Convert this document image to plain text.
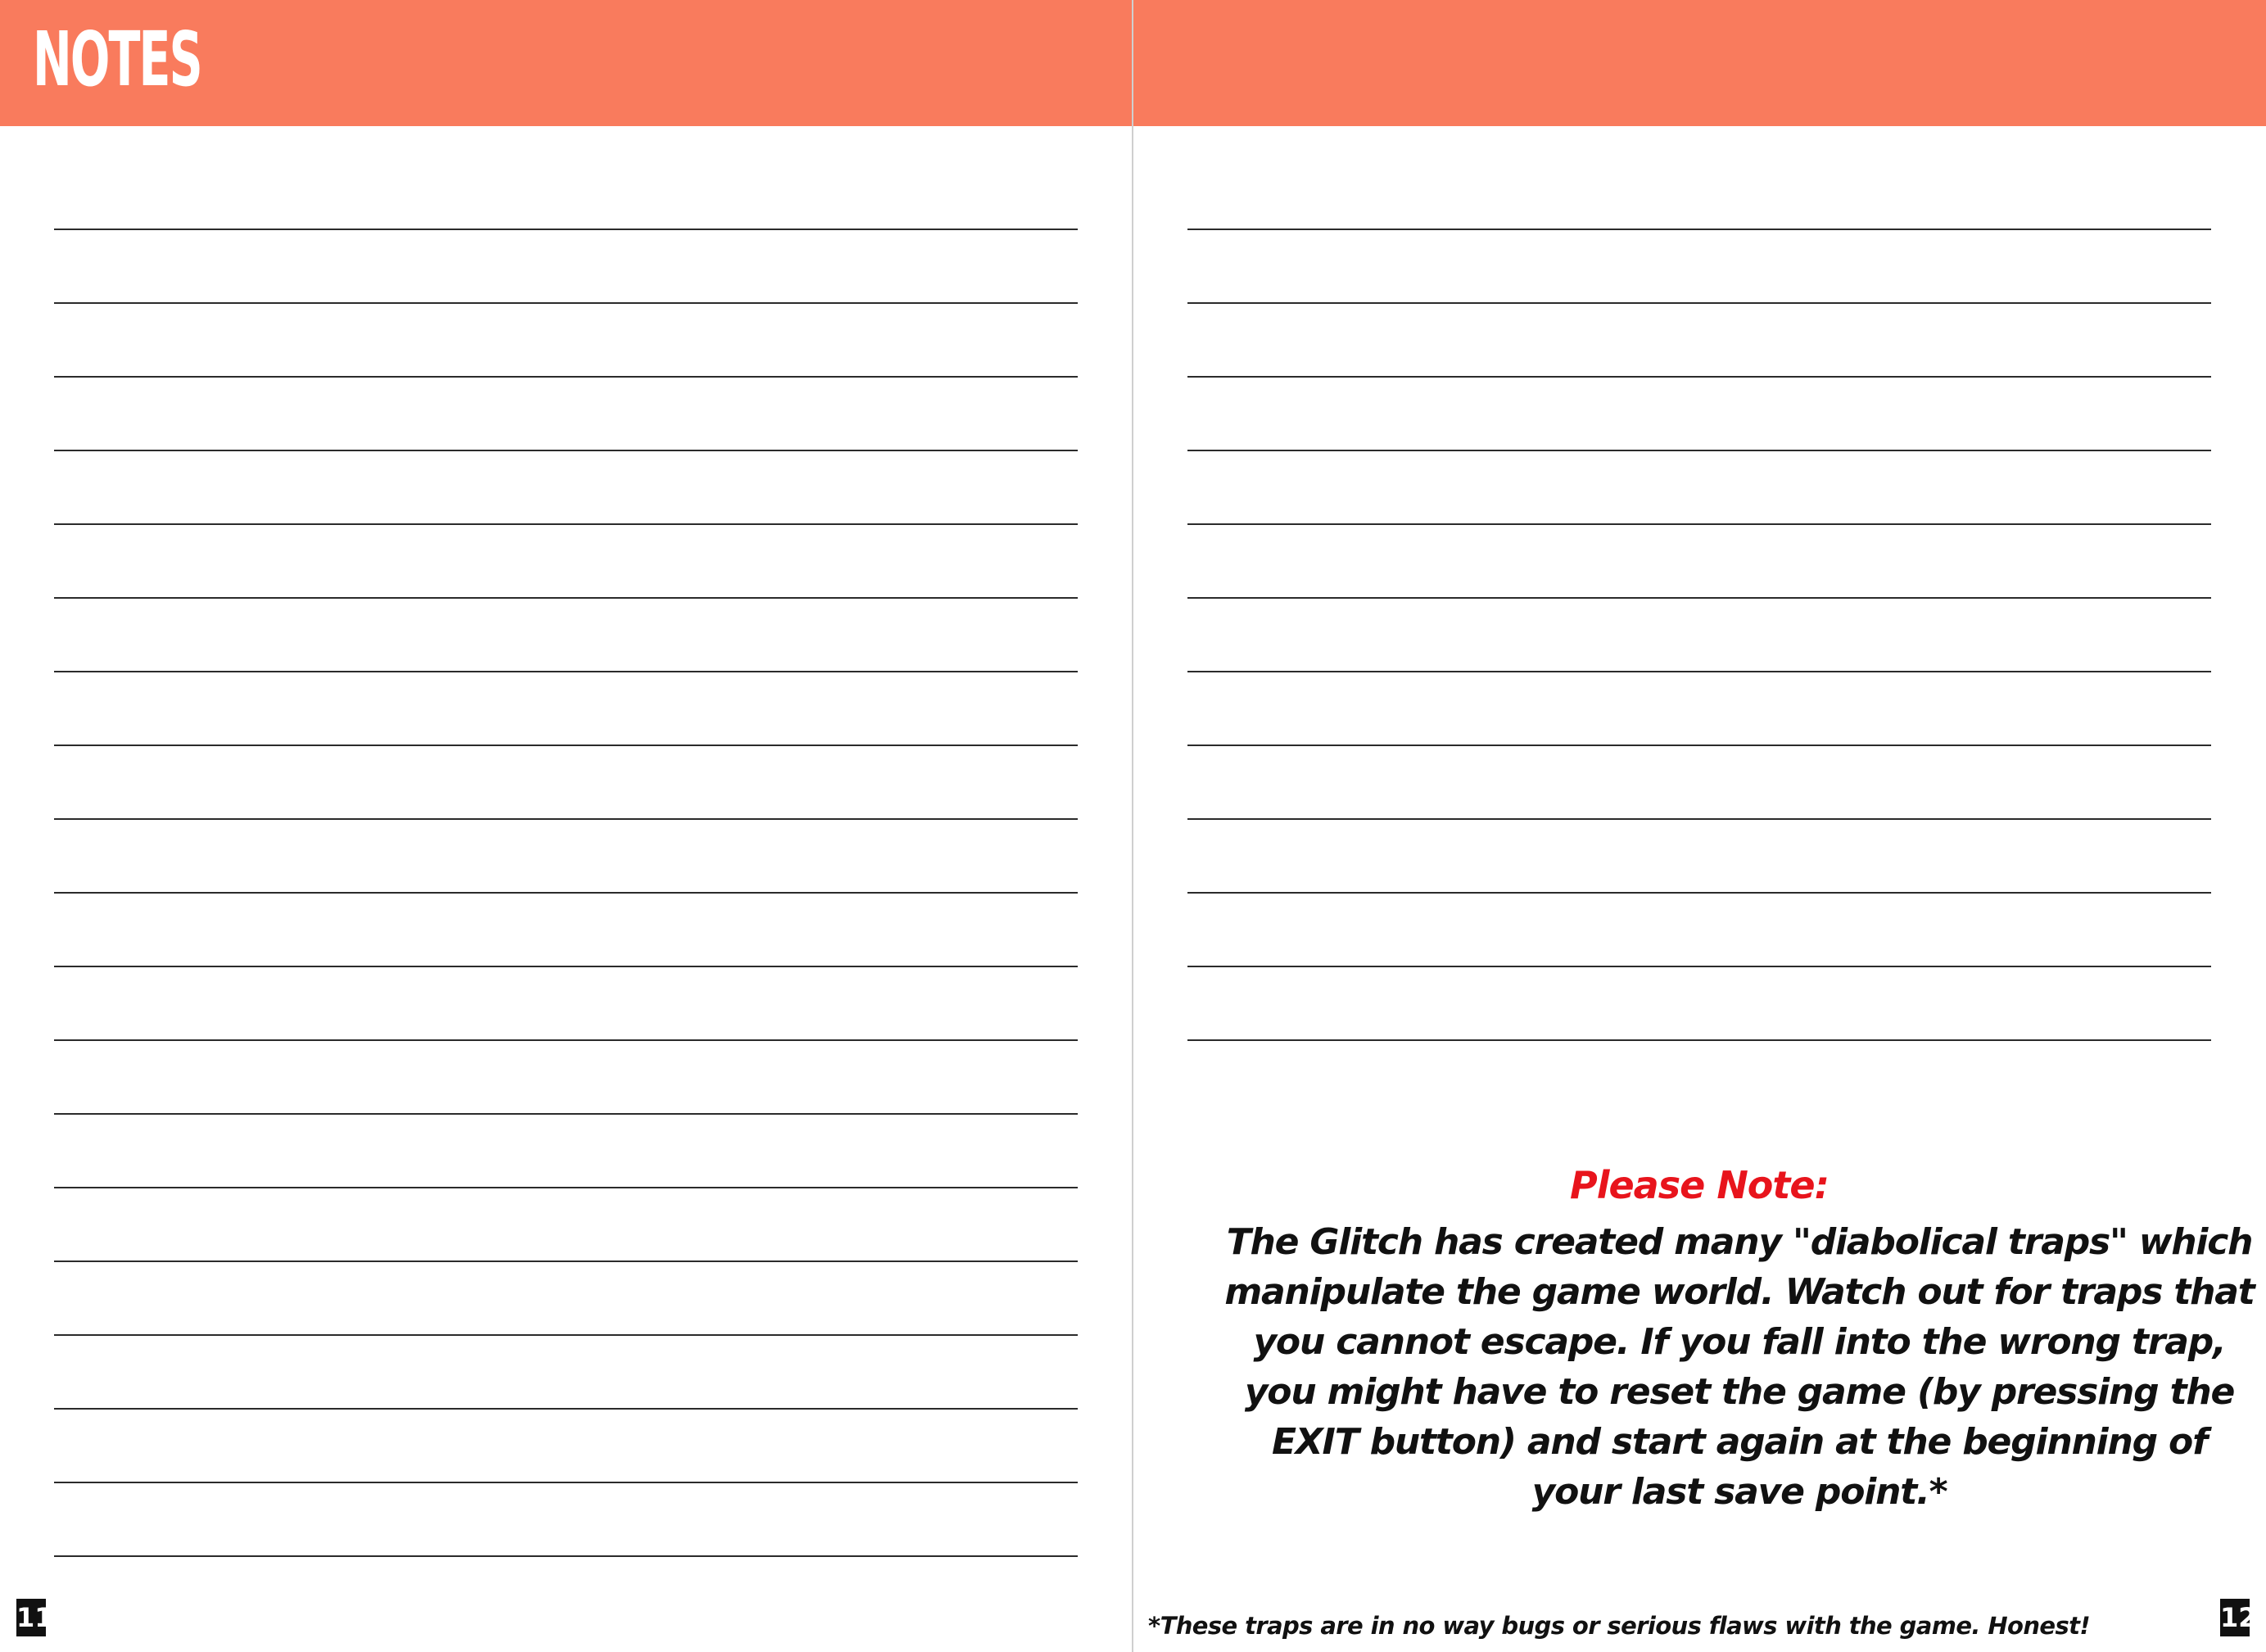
NOTES
11
Please Note:
The Glitch has created many "diabolical traps" which
manipulate the game world. Watch out for traps that
you cannot escape. If you fall into the wrong trap,
you might have to reset the game (by pressing the
EXIT button) and start again at the beginning of
your last save point.*

*These traps are in no way bugs or serious flaws with the game. Honest!	12
